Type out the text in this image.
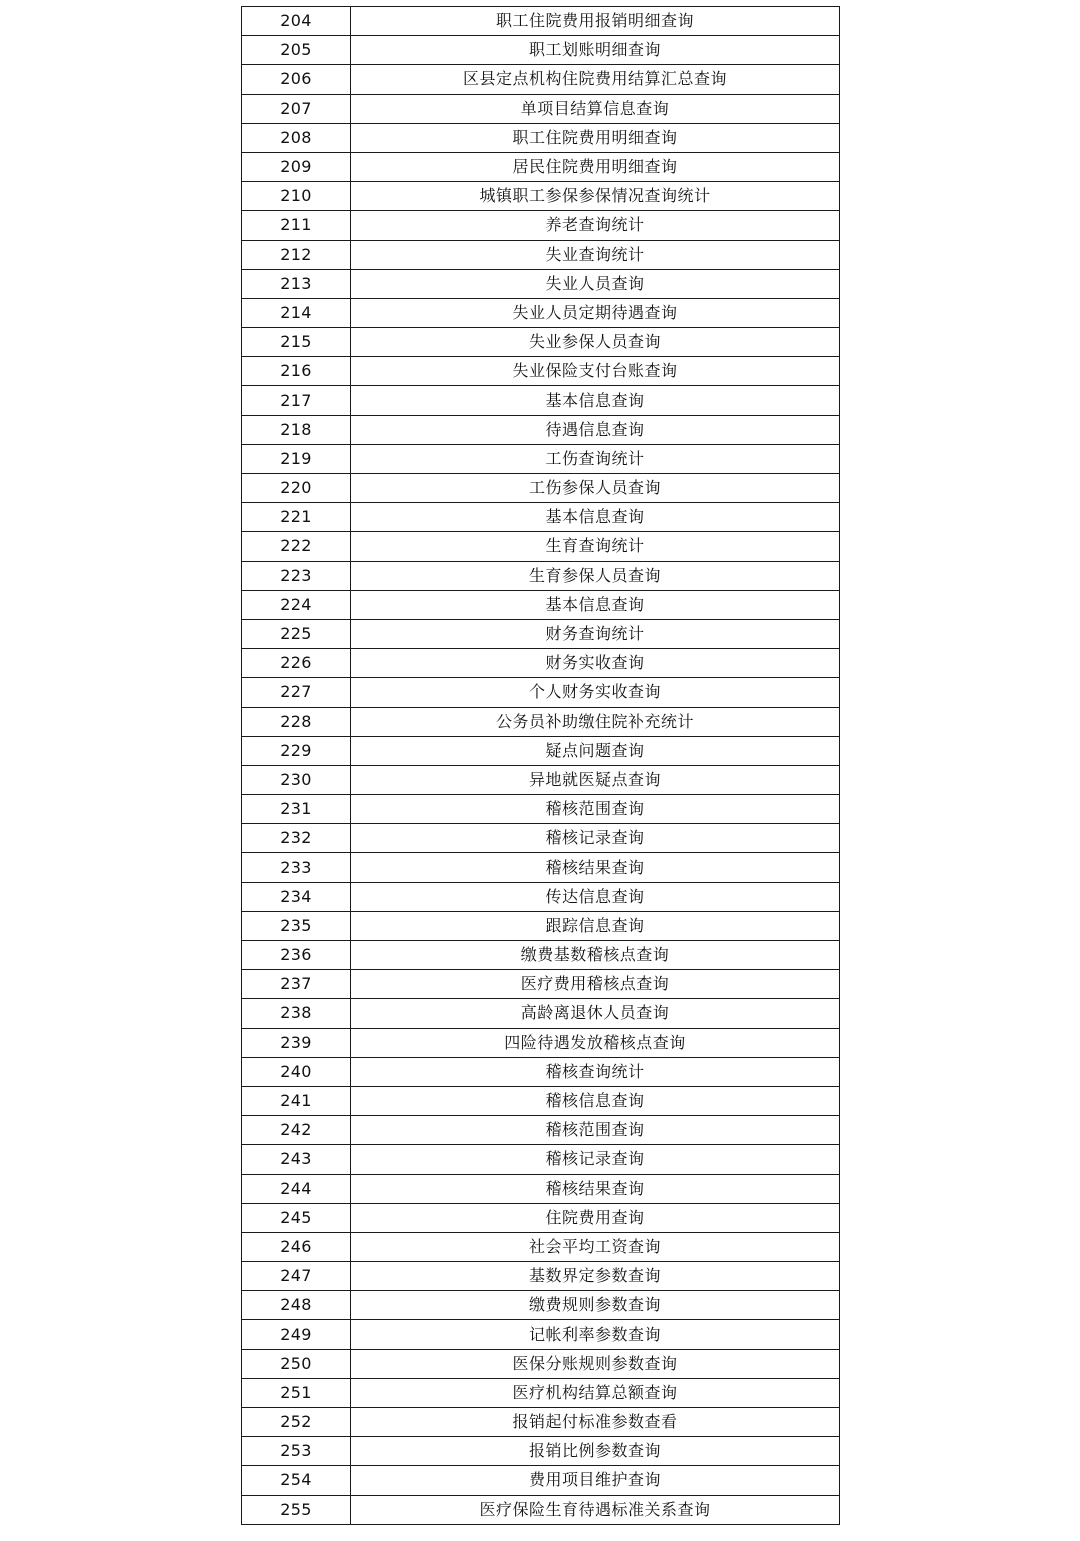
204	职工住院费用报销明细查询
205	职工划账明细查询
206	区县定点机构住院费用结算汇总查询
207	单项目结算信息查询
208	职工住院费用明细查询
209	居民住院费用明细查询
210	城镇职工参保参保情况查询统计
211	养老查询统计
212	失业查询统计
213	失业人员查询
214	失业人员定期待遇查询
215	失业参保人员查询
216	失业保险支付台账查询
217	基本信息查询
218	待遇信息查询
219	工伤查询统计
220	工伤参保人员查询
221	基本信息查询
222	生育查询统计
223	生育参保人员查询
224	基本信息查询
225	财务查询统计
226	财务实收查询
227	个人财务实收查询
228	公务员补助缴住院补充统计
229	疑点问题查询
230	异地就医疑点查询
231	稽核范围查询
232	稽核记录查询
233	稽核结果查询
234	传达信息查询
235	跟踪信息查询
236	缴费基数稽核点查询
237	医疗费用稽核点查询
238	高龄离退休人员查询
239	四险待遇发放稽核点查询
240	稽核查询统计
241	稽核信息查询
242	稽核范围查询
243	稽核记录查询
244	稽核结果查询
245	住院费用查询
246	社会平均工资查询
247	基数界定参数查询
248	缴费规则参数查询
249	记帐利率参数查询
250	医保分账规则参数查询
251	医疗机构结算总额查询
252	报销起付标准参数查看
253	报销比例参数查询
254	费用项目维护查询
255	医疗保险生育待遇标准关系查询
